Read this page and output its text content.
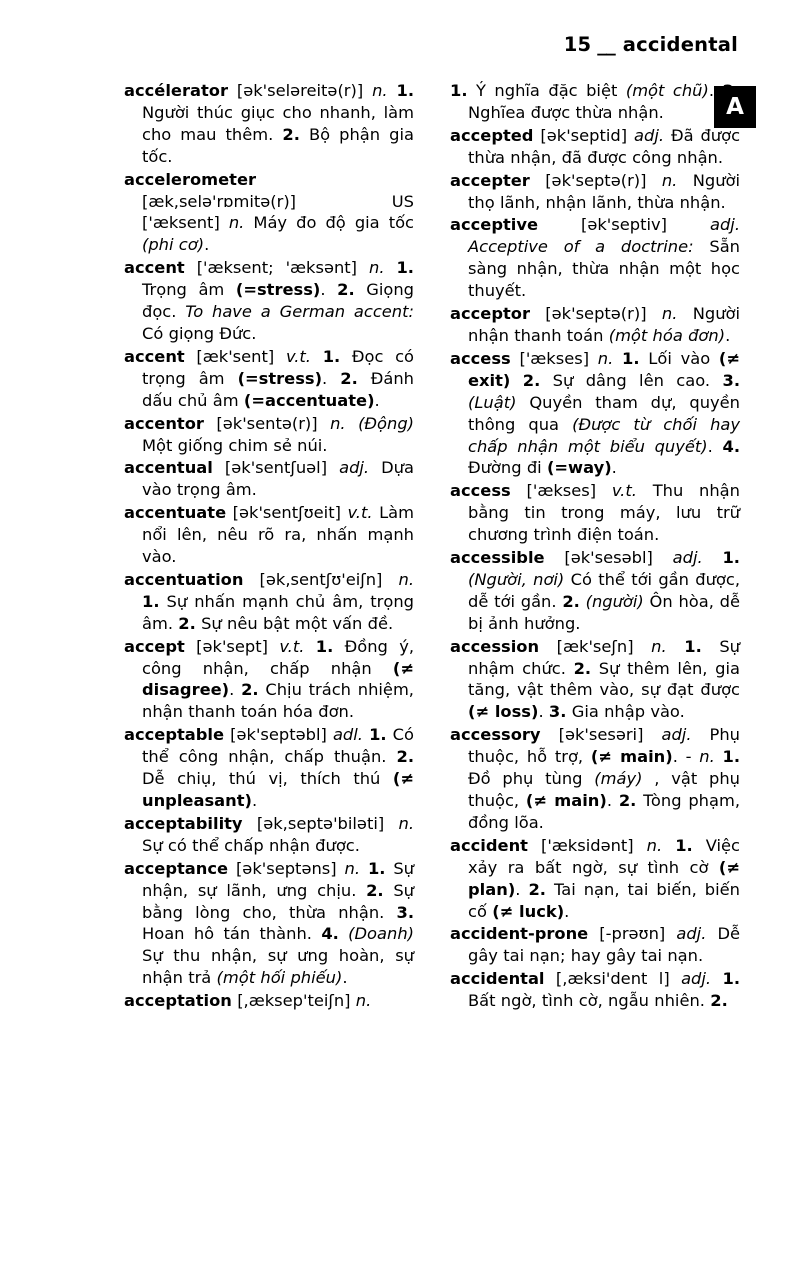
15 __ accidental
A
accélerator [ək'seləreitə(r)] n. 1. Người thúc giục cho nhanh, làm cho mau thêm. 2. Bộ phận gia tốc.
accelerometer [æk,selə'rɒmitə(r)]	US ['æksent] n. Máy đo độ gia tốc (phi cơ).
accent ['æksent; 'æksənt] n. 1. Trọng âm (=stress). 2. Giọng đọc. To have a German accent: Có giọng Đức.
accent [æk'sent] v.t. 1. Đọc có trọng âm (=stress). 2. Đánh dấu chủ âm (=accentuate).
accentor [ək'sentə(r)] n. (Động) Một giống chim sẻ núi.
accentual [ək'sentʃuəl] adj. Dựa vào trọng âm.
accentuate [ək'sentʃʊeit] v.t. Làm nổi lên, nêu rõ ra, nhấn mạnh vào.
accentuation [ək,sentʃʊ'eiʃn] n. 1. Sự nhấn mạnh chủ âm, trọng âm. 2. Sự nêu bật một vấn đề.
accept [ək'sept] v.t. 1. Đồng ý, công nhận, chấp nhận (≠ disagree). 2. Chịu trách nhiệm, nhận thanh toán hóa đơn.
acceptable [ək'septəbl] adl. 1. Có thể công nhận, chấp thuận. 2. Dễ chiụ, thú vị, thích thú (≠ unpleasant).
acceptability [ək,septə'biləti] n. Sự có thể chấp nhận được.
acceptance [ək'septəns] n. 1. Sự nhận, sự lãnh, ưng chịu. 2. Sự bằng lòng cho, thừa nhận. 3. Hoan hô tán thành. 4. (Doanh) Sự thu nhận, sự ưng hoàn, sự nhận trả (một hối phiếu).
acceptation [,æksep'teiʃn] n.
1. Ý nghĩa đặc biệt (một chũ). 2. Nghĩea được thừa nhận.
accepted [ək'septid] adj. Đã được thừa nhận, đã được công nhận.
accepter [ək'septə(r)] n. Người thọ lãnh, nhận lãnh, thừa nhận.
acceptive	[ək'septiv]	adj. Acceptive of a doctrine: Sẵn sàng nhận, thừa nhận một học thuyết.
acceptor [ək'septə(r)] n. Người nhận thanh toán (một hóa đơn).
access ['ækses] n. 1. Lối vào (≠ exit) 2. Sự dâng lên cao. 3. (Luật) Quyền tham dự, quyền thông qua (Được từ chối hay chấp nhận một biểu quyết). 4. Đường đi (=way).
access ['ækses] v.t. Thu nhận bằng tin trong máy, lưu trữ chương trình điện toán.
accessible [ək'sesəbl] adj. 1. (Người, nơi) Có thể tới gần được, dễ tới gần. 2. (người) Ôn hòa, dễ bị ảnh hưởng.
accession [æk'seʃn] n. 1. Sự nhậm chức. 2. Sự thêm lên, gia tăng, vật thêm vào, sự đạt được (≠ loss). 3. Gia nhập vào.
accessory [ək'sesəri] adj. Phụ thuộc, hỗ trợ, (≠ main). - n. 1. Đồ phụ tùng (máy) , vật phụ thuộc, (≠ main). 2. Tòng phạm, đồng lõa.
accident ['æksidənt] n. 1. Việc xảy ra bất ngờ, sự tình cờ (≠ plan). 2. Tai nạn, tai biến, biến cố (≠ luck).
accident-prone [-prəʊn] adj. Dễ gây tai nạn; hay gây tai nạn.
accidental [,æksi'dent l] adj. 1. Bất ngờ, tình cờ, ngẫu nhiên. 2.
